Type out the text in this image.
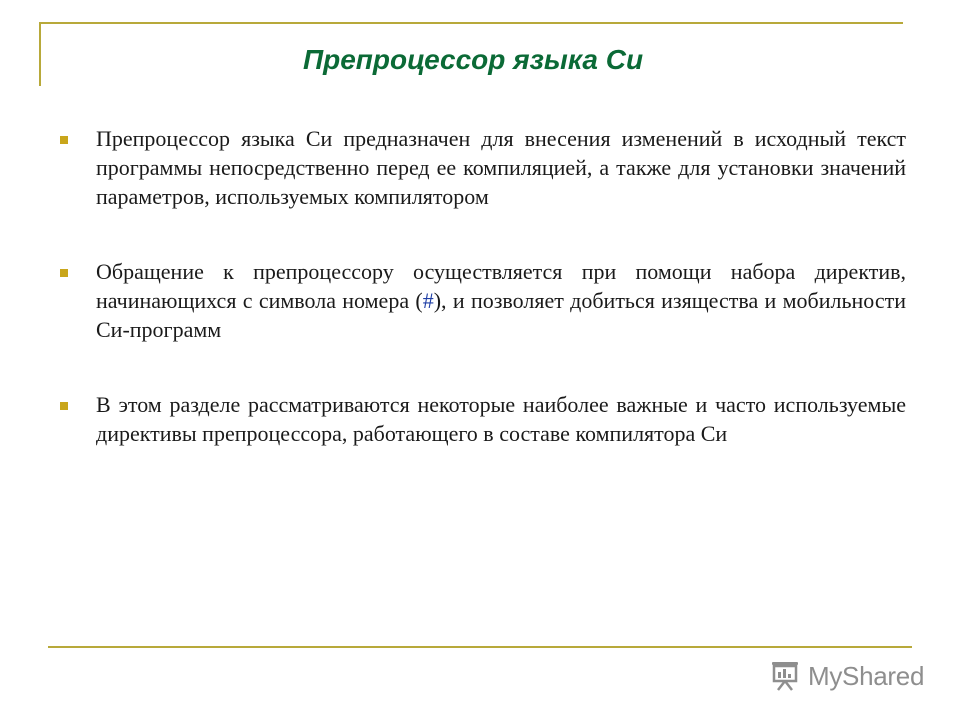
Препроцессор языка Си
Препроцессор языка Си предназначен для внесения изменений в исходный текст программы непосредственно перед ее компиляцией, а также для установки значений параметров, используемых компилятором
Обращение к препроцессору осуществляется при помощи набора директив, начинающихся с символа номера (#), и позволяет добиться изящества и мобильности Си-программ
В этом разделе рассматриваются некоторые наиболее важные и часто используемые директивы препроцессора, работающего в составе компилятора Си
MyShared
